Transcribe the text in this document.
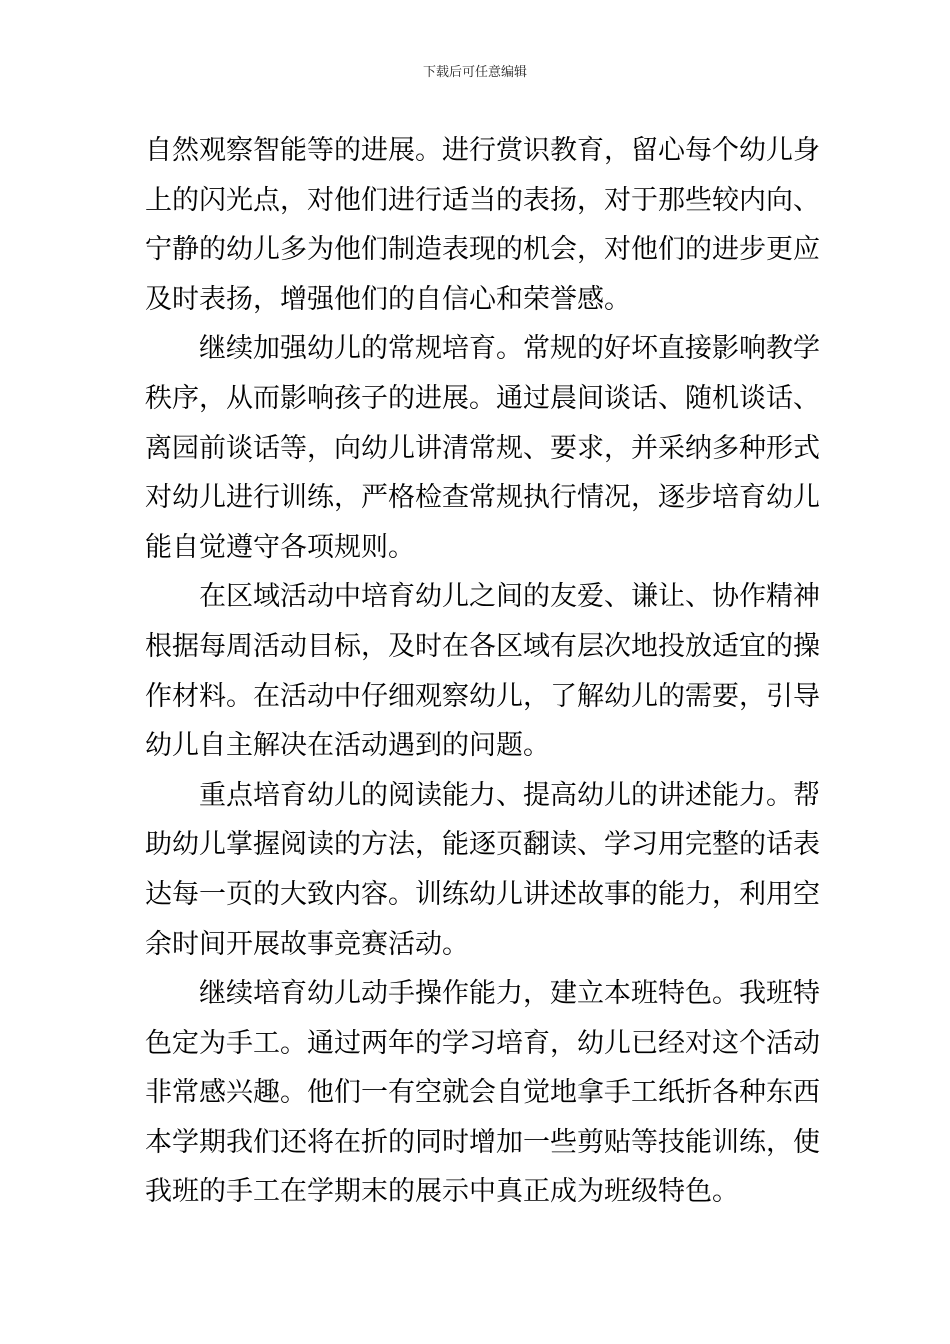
下载后可任意编辑

自然观察智能等的进展。进行赏识教育，留心每个幼儿身
上的闪光点，对他们进行适当的表扬，对于那些较内向、
宁静的幼儿多为他们制造表现的机会，对他们的进步更应
及时表扬，增强他们的自信心和荣誉感。

继续加强幼儿的常规培育。常规的好坏直接影响教学
秩序，从而影响孩子的进展。通过晨间谈话、随机谈话、
离园前谈话等，向幼儿讲清常规、要求，并采纳多种形式
对幼儿进行训练，严格检查常规执行情况，逐步培育幼儿
能自觉遵守各项规则。

在区域活动中培育幼儿之间的友爱、谦让、协作精神
根据每周活动目标，及时在各区域有层次地投放适宜的操
作材料。在活动中仔细观察幼儿，了解幼儿的需要，引导
幼儿自主解决在活动遇到的问题。

重点培育幼儿的阅读能力、提高幼儿的讲述能力。帮
助幼儿掌握阅读的方法，能逐页翻读、学习用完整的话表
达每一页的大致内容。训练幼儿讲述故事的能力，利用空
余时间开展故事竞赛活动。

继续培育幼儿动手操作能力，建立本班特色。我班特
色定为手工。通过两年的学习培育，幼儿已经对这个活动
非常感兴趣。他们一有空就会自觉地拿手工纸折各种东西
本学期我们还将在折的同时增加一些剪贴等技能训练，使
我班的手工在学期末的展示中真正成为班级特色。
